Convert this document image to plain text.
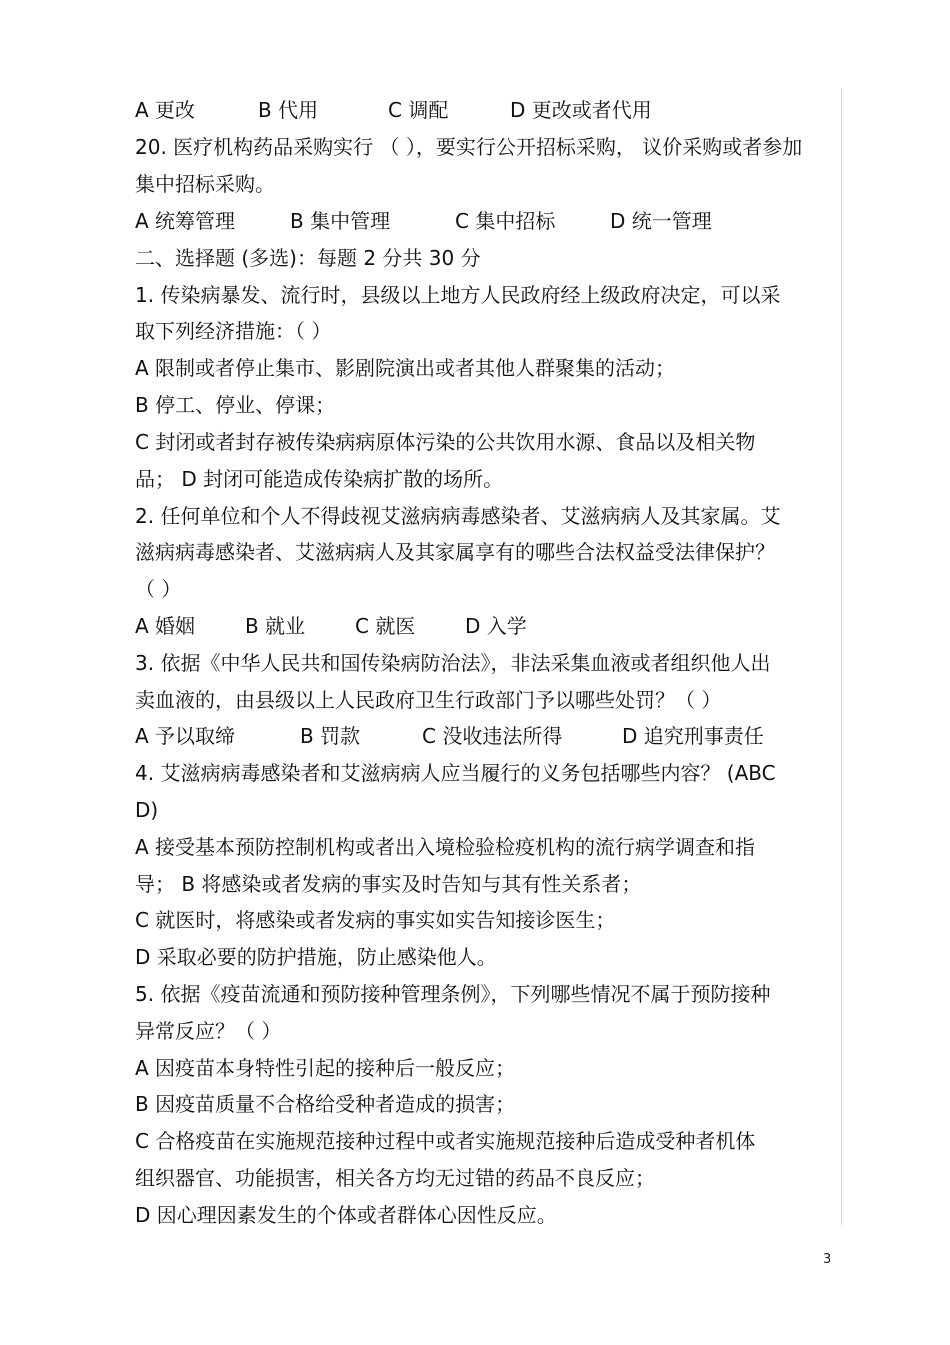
A 更改	B 代用	C 调配	D 更改或者代用
20. 医疗机构药品采购实行 （ ），要实行公开招标采购， 议价采购或者参加
集中招标采购。
A 统筹管理	B 集中管理	C 集中招标	D 统一管理
二、选择题 (多选)：每题 2 分共 30 分
1. 传染病暴发、流行时，县级以上地方人民政府经上级政府决定，可以采
取下列经济措施：（ ）
A 限制或者停止集市、影剧院演出或者其他人群聚集的活动；
B 停工、停业、停课；
C 封闭或者封存被传染病病原体污染的公共饮用水源、食品以及相关物
品； D 封闭可能造成传染病扩散的场所。
2. 任何单位和个人不得歧视艾滋病病毒感染者、艾滋病病人及其家属。艾
滋病病毒感染者、艾滋病病人及其家属享有的哪些合法权益受法律保护？
（ ）
A 婚姻 B 就业 C 就医 D 入学
3. 依据《中华人民共和国传染病防治法》，非法采集血液或者组织他人出
卖血液的，由县级以上人民政府卫生行政部门予以哪些处罚？（ ）
A 予以取缔	B 罚款	C 没收违法所得	D 追究刑事责任
4. 艾滋病病毒感染者和艾滋病病人应当履行的义务包括哪些内容？ (ABC
D)
A 接受基本预防控制机构或者出入境检验检疫机构的流行病学调查和指
导； B 将感染或者发病的事实及时告知与其有性关系者；
C 就医时，将感染或者发病的事实如实告知接诊医生；
D 采取必要的防护措施，防止感染他人。
5. 依据《疫苗流通和预防接种管理条例》，下列哪些情况不属于预防接种
异常反应？（ ）
A 因疫苗本身特性引起的接种后一般反应；
B 因疫苗质量不合格给受种者造成的损害；
C 合格疫苗在实施规范接种过程中或者实施规范接种后造成受种者机体
组织器官、功能损害，相关各方均无过错的药品不良反应；
D 因心理因素发生的个体或者群体心因性反应。
3
